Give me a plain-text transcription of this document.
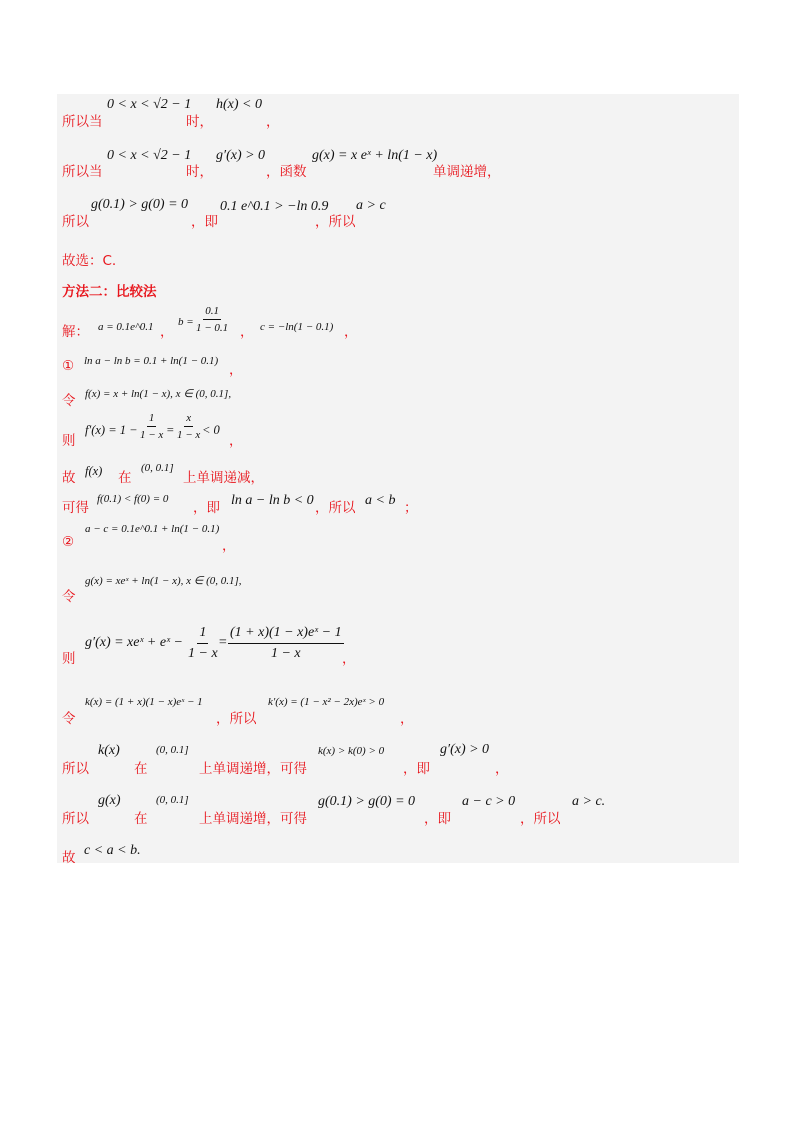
所以当
0 < x < √2 − 1
时，
h(x) < 0
，
所以当
0 < x < √2 − 1
时，
g′(x) > 0
，函数
g(x) = x eˣ + ln(1 − x)
单调递增，
所以
g(0.1) > g(0) = 0
，即
0.1 e^0.1 > −ln 0.9
，所以
a > c
故选：C.
方法二：比较法
解： a = 0.1e^0.1 ，
$b = \frac{0.1}{1 - 0.1}$ ， c = −ln(1 − 0.1) ，
① ln a − ln b = 0.1 + ln(1 − 0.1)
，
令 f(x) = x + ln(1 − x), x ∈ (0, 0.1],
则
$f'(x) = 1 - \frac{1}{1 - x} = \frac{x}{1 - x} < 0$
，
故 f(x) 在
(0, 0.1]
上单调递减，
可得
f(0.1) < f(0) = 0
，即 ln a − ln b < 0 ，所以 a < b ；
②
a − c = 0.1e^0.1 + ln(1 − 0.1)
，
令
g(x) = xeˣ + ln(1 − x), x ∈ (0, 0.1],
则
g′(x) = xeˣ + eˣ − $\frac{1}{1 - x}$
= $\frac{\text{(1 + x)(1 − x)eˣ − 1}}{1 - x}$
，
令
k(x) = (1 + x)(1 − x)eˣ − 1
，所以
k′(x) = (1 − x² − 2x)eˣ > 0
，
所以
k(x)
在
(0, 0.1]
上单调递增，可得
k(x) > k(0) > 0
，即
g′(x) > 0
，
所以
g(x)
在
(0, 0.1]
上单调递增，可得
g(0.1) > g(0) = 0
，即
a − c > 0
，所以
a > c.
故 c < a < b.
